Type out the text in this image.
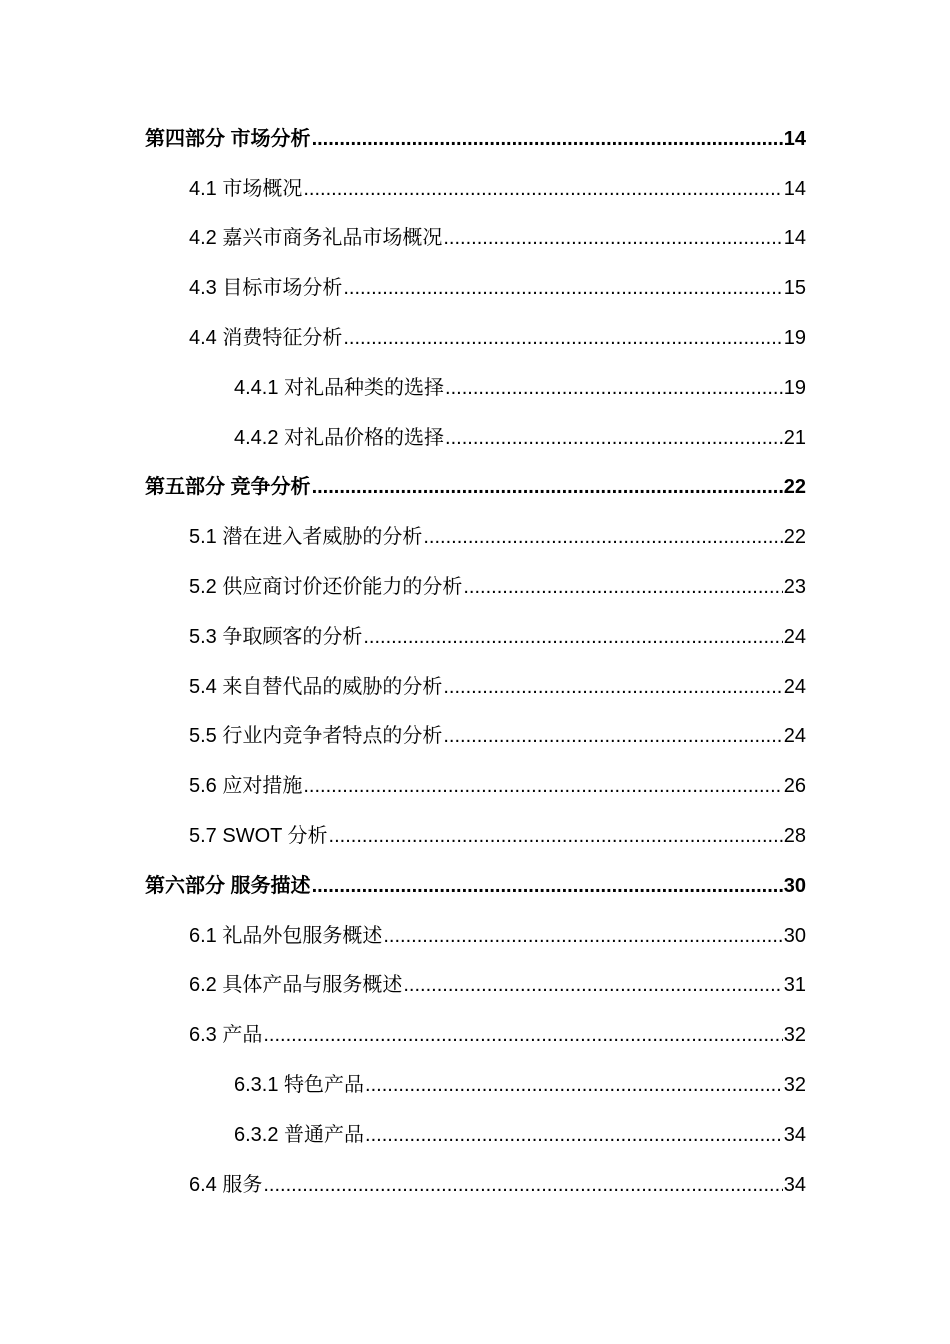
第四部分 市场分析 .....	14
4.1 市场概况 .....	14
4.2 嘉兴市商务礼品市场概况 .....	14
4.3 目标市场分析 .....	15
4.4 消费特征分析 .....	19
4.4.1 对礼品种类的选择 .....	19
4.4.2 对礼品价格的选择 .....	21
第五部分 竞争分析 .....	22
5.1 潜在进入者威胁的分析 .....	22
5.2 供应商讨价还价能力的分析 .....	23
5.3 争取顾客的分析 .....	24
5.4 来自替代品的威胁的分析 .....	24
5.5 行业内竞争者特点的分析 .....	24
5.6 应对措施 .....	26
5.7 SWOT 分析 .....	28
第六部分 服务描述 .....	30
6.1 礼品外包服务概述 .....	30
6.2 具体产品与服务概述 .....	31
6.3 产品 .....	32
6.3.1 特色产品 .....	32
6.3.2 普通产品 .....	34
6.4 服务 .....	34
